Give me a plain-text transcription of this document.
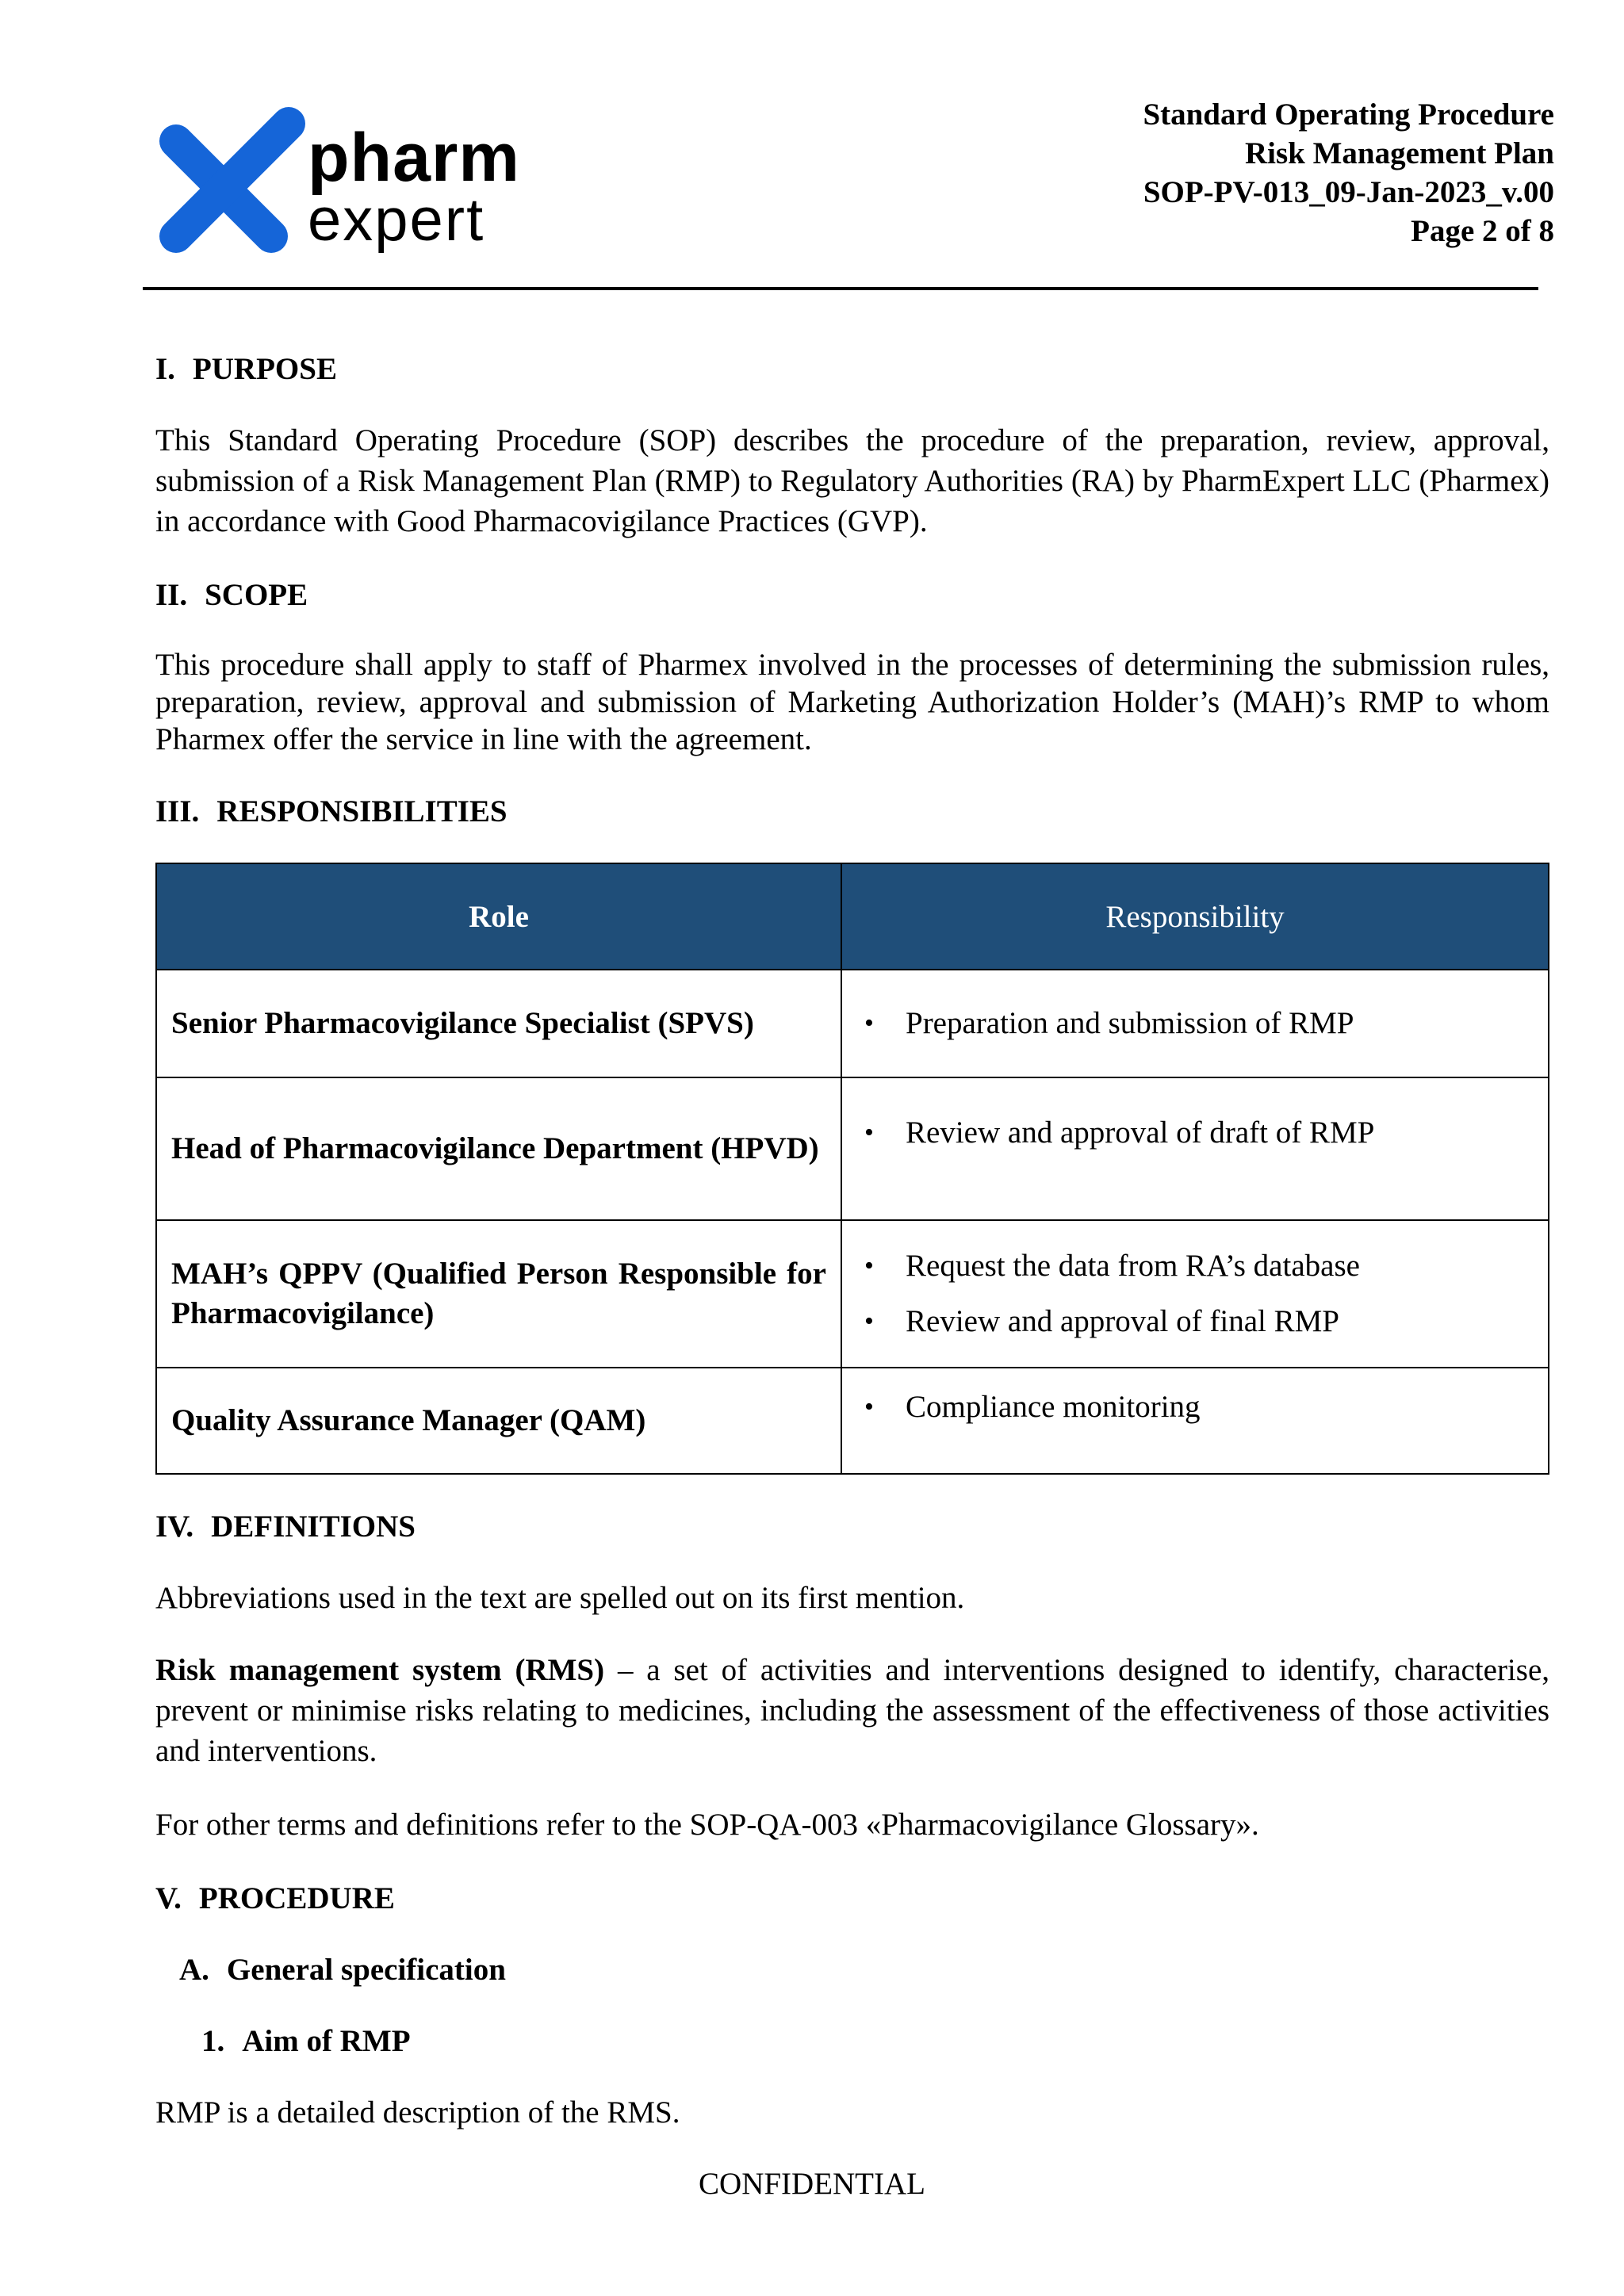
pharm
expert
Standard Operating Procedure
Risk Management Plan
SOP-PV-013_09-Jan-2023_v.00
Page 2 of 8
I. PURPOSE

This Standard Operating Procedure (SOP) describes the procedure of the preparation, review, approval, submission of a Risk Management Plan (RMP) to Regulatory Authorities (RA) by PharmExpert LLC (Pharmex) in accordance with Good Pharmacovigilance Practices (GVP).

II. SCOPE

This procedure shall apply to staff of Pharmex involved in the processes of determining the submission rules, preparation, review, approval and submission of Marketing Authorization Holder’s (MAH)’s RMP to whom Pharmex offer the service in line with the agreement.

III. RESPONSIBILITIES
Role	Responsibility
Senior Pharmacovigilance Specialist (SPVS)	• Preparation and submission of RMP

Head of Pharmacovigilance Department (HPVD)	• Review and approval of draft of RMP

MAH’s QPPV (Qualified Person Responsible for Pharmacovigilance)	• Request the data from RA’s database
• Review and approval of final RMP

Quality Assurance Manager (QAM)	• Compliance monitoring
IV. DEFINITIONS

Abbreviations used in the text are spelled out on its first mention.

Risk management system (RMS) – a set of activities and interventions designed to identify, characterise, prevent or minimise risks relating to medicines, including the assessment of the effectiveness of those activities and interventions.

For other terms and definitions refer to the SOP-QA-003 «Pharmacovigilance Glossary».

V. PROCEDURE
A. General specification
1. Aim of RMP

RMP is a detailed description of the RMS.

CONFIDENTIAL
